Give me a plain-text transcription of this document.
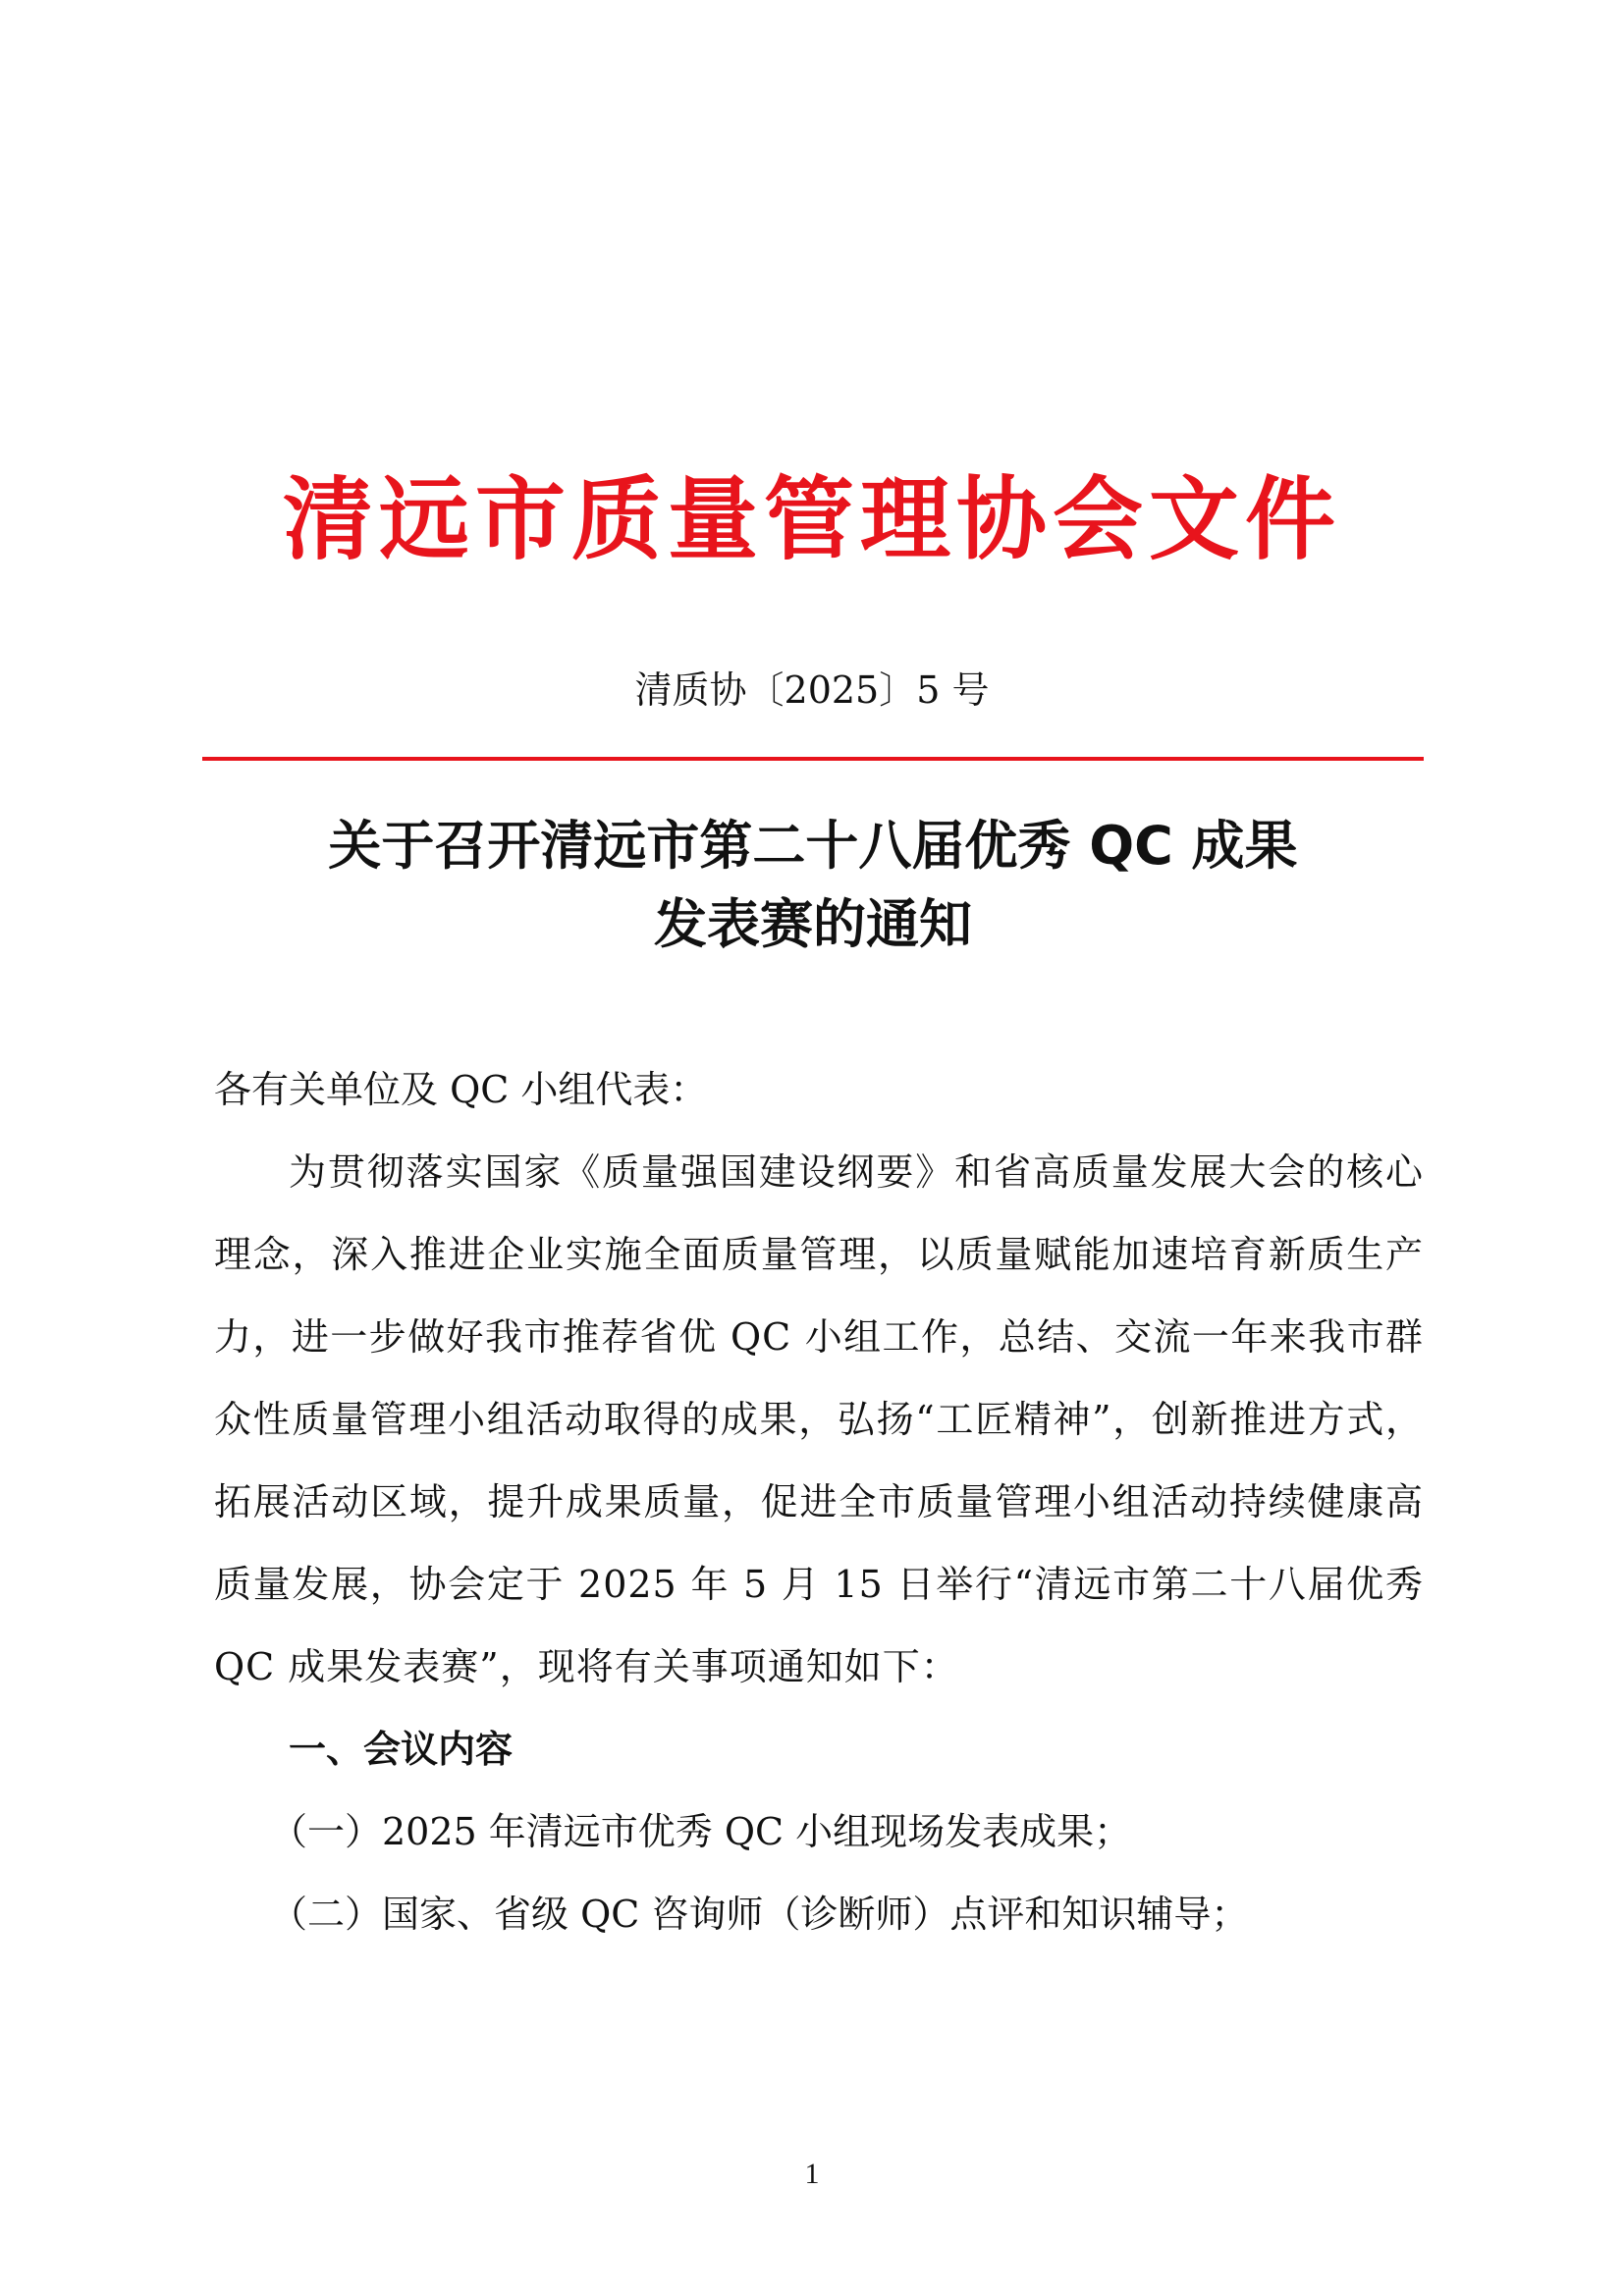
清远市质量管理协会文件
清质协〔2025〕5 号
关于召开清远市第二十八届优秀 QC 成果
发表赛的通知

各有关单位及 QC 小组代表：

为贯彻落实国家《质量强国建设纲要》和省高质量发展大会的核心理念，深入推进企业实施全面质量管理，以质量赋能加速培育新质生产力，进一步做好我市推荐省优 QC 小组工作，总结、交流一年来我市群众性质量管理小组活动取得的成果，弘扬“工匠精神”，创新推进方式，拓展活动区域，提升成果质量，促进全市质量管理小组活动持续健康高质量发展，协会定于 2025 年 5 月 15 日举行“清远市第二十八届优秀 QC 成果发表赛”，现将有关事项通知如下：

一、会议内容

（一）2025 年清远市优秀 QC 小组现场发表成果；

（二）国家、省级 QC 咨询师（诊断师）点评和知识辅导；

1
